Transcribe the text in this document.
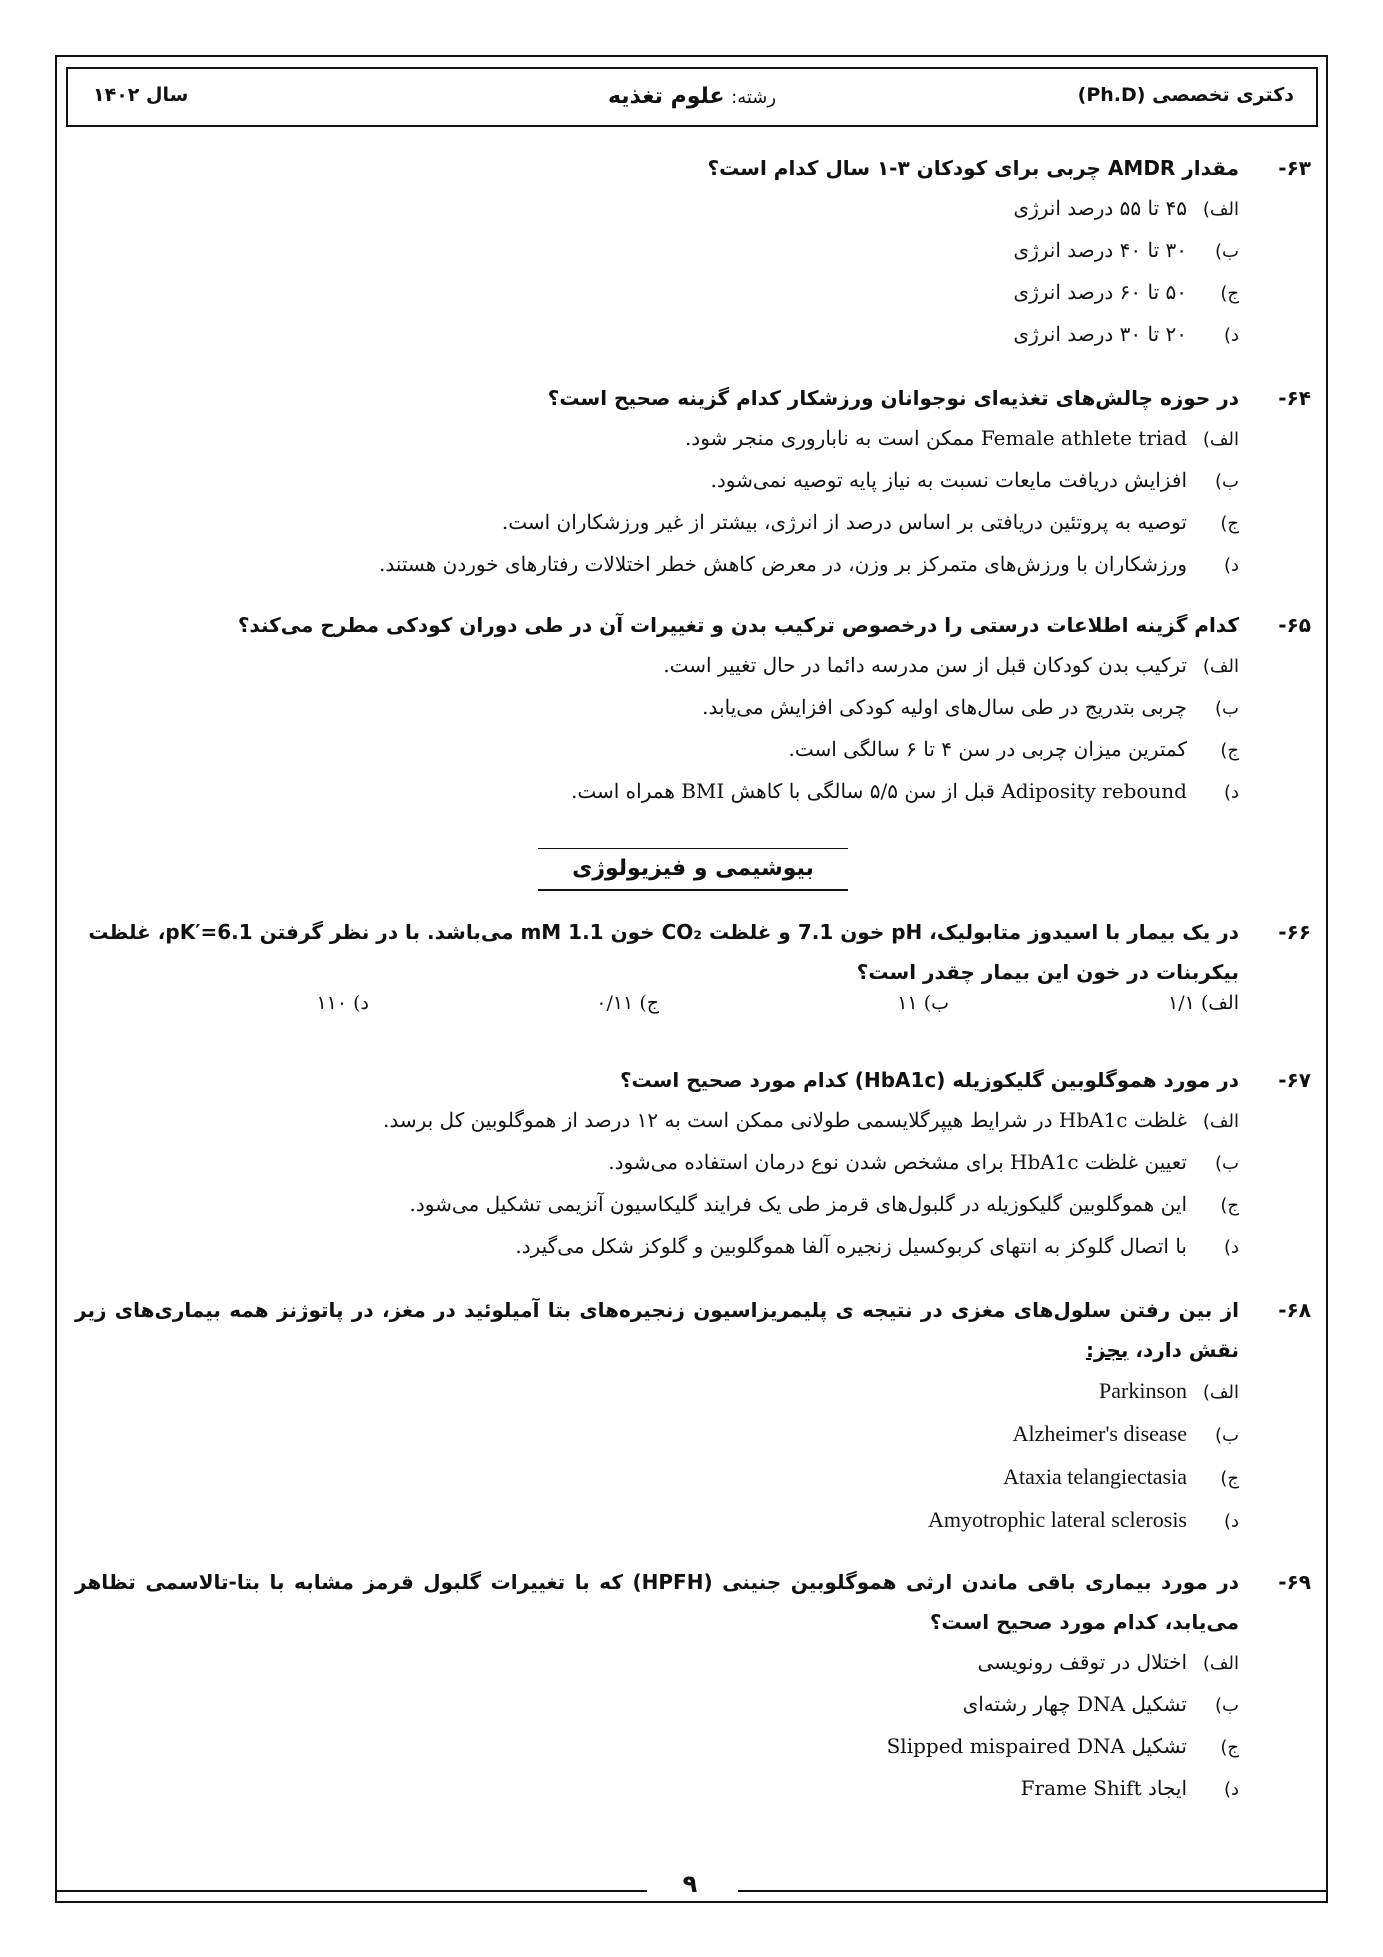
دکتری تخصصی (Ph.D)
رشته: علوم تغذیه
سال ۱۴۰۲
-۶۳
مقدار AMDR چربی برای کودکان ۳-۱ سال کدام است؟
الف)۴۵ تا ۵۵ درصد انرژی
ب)۳۰ تا ۴۰ درصد انرژی
ج)۵۰ تا ۶۰ درصد انرژی
د)۲۰ تا ۳۰ درصد انرژی
-۶۴
در حوزه چالش‌های تغذیه‌ای نوجوانان ورزشکار کدام گزینه صحیح است؟
الف)Female athlete triad ممکن است به ناباروری منجر شود.
ب)افزایش دریافت مایعات نسبت به نیاز پایه توصیه نمی‌شود.
ج)توصیه به پروتئین دریافتی بر اساس درصد از انرژی، بیشتر از غیر ورزشکاران است.
د)ورزشکاران با ورزش‌های متمرکز بر وزن، در معرض کاهش خطر اختلالات رفتارهای خوردن هستند.
-۶۵
کدام گزینه اطلاعات درستی را درخصوص ترکیب بدن و تغییرات آن در طی دوران کودکی مطرح می‌کند؟
الف)ترکیب بدن کودکان قبل از سن مدرسه دائما در حال تغییر است.
ب)چربی بتدریج در طی سال‌های اولیه کودکی افزایش می‌یابد.
ج)کمترین میزان چربی در سن ۴ تا ۶ سالگی است.
د)Adiposity rebound قبل از سن ۵/۵ سالگی با کاهش BMI همراه است.
بیوشیمی و فیزیولوژی
-۶۶
در یک بیمار با اسیدوز متابولیک، pH خون 7.1 و غلظت CO₂ خون 1.1 mM می‌باشد. با در نظر گرفتن pK′=6.1، غلظت بیکربنات در خون این بیمار چقدر است؟
الف) ۱/۱
ب) ۱۱
ج) ۰/۱۱
د) ۱۱۰
-۶۷
در مورد هموگلوبین گلیکوزیله (HbA1c) کدام مورد صحیح است؟
الف)غلظت HbA1c در شرایط هیپرگلایسمی طولانی ممکن است به ۱۲ درصد از هموگلوبین کل برسد.
ب)تعیین غلظت HbA1c برای مشخص شدن نوع درمان استفاده می‌شود.
ج)این هموگلوبین گلیکوزیله در گلبول‌های قرمز طی یک فرایند گلیکاسیون آنزیمی تشکیل می‌شود.
د)با اتصال گلوکز به انتهای کربوکسیل زنجیره آلفا هموگلوبین و گلوکز شکل می‌گیرد.
-۶۸
از بین رفتن سلول‌های مغزی در نتیجه ی پلیمریزاسیون زنجیره‌های بتا آمیلوئید در مغز، در پاتوژنز همه بیماری‌های زیر نقش دارد، بجز:
الف)Parkinson
ب)Alzheimer's disease
ج)Ataxia telangiectasia
د)Amyotrophic lateral sclerosis
-۶۹
در مورد بیماری باقی ماندن ارثی هموگلوبین جنینی (HPFH) که با تغییرات گلبول قرمز مشابه با بتا-تالاسمی تظاهر می‌یابد، کدام مورد صحیح است؟
الف)اختلال در توقف رونویسی
ب)تشکیل DNA چهار رشته‌ای
ج)تشکیل Slipped mispaired DNA
د)ایجاد Frame Shift
۹
